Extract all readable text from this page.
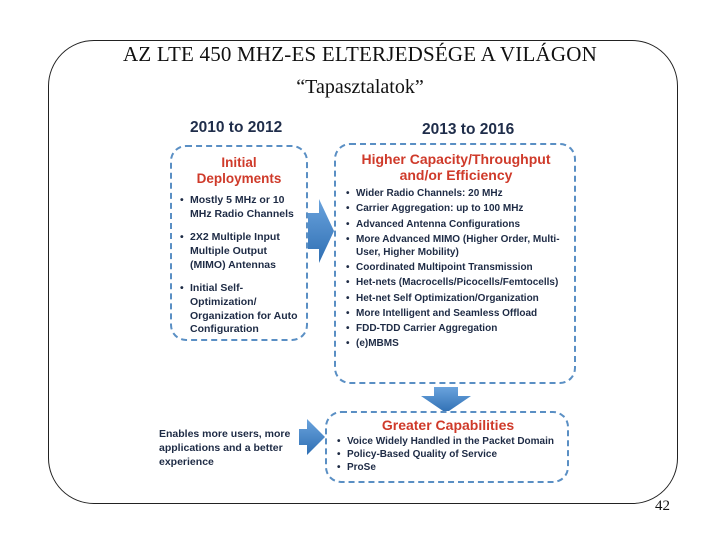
AZ LTE 450 MHZ-ES ELTERJEDSÉGE A VILÁGON
“Tapasztalatok”
2010 to 2012	2013 to 2016
Initial Deployments
• Mostly 5 MHz or 10 MHz Radio Channels
• 2X2 Multiple Input Multiple Output (MIMO) Antennas
• Initial Self-Optimization/ Organization for Auto Configuration
Higher Capacity/Throughput and/or Efficiency
• Wider Radio Channels: 20 MHz
• Carrier Aggregation: up to 100 MHz
• Advanced Antenna Configurations
• More Advanced MIMO (Higher Order, Multi-User, Higher Mobility)
• Coordinated Multipoint Transmission
• Het-nets (Macrocells/Picocells/Femtocells)
• Het-net Self Optimization/Organization
• More Intelligent and Seamless Offload
• FDD-TDD Carrier Aggregation
• (e)MBMS
Greater Capabilities
• Voice Widely Handled in the Packet Domain
• Policy-Based Quality of Service
• ProSe
Enables more users, more applications and a better experience
42
